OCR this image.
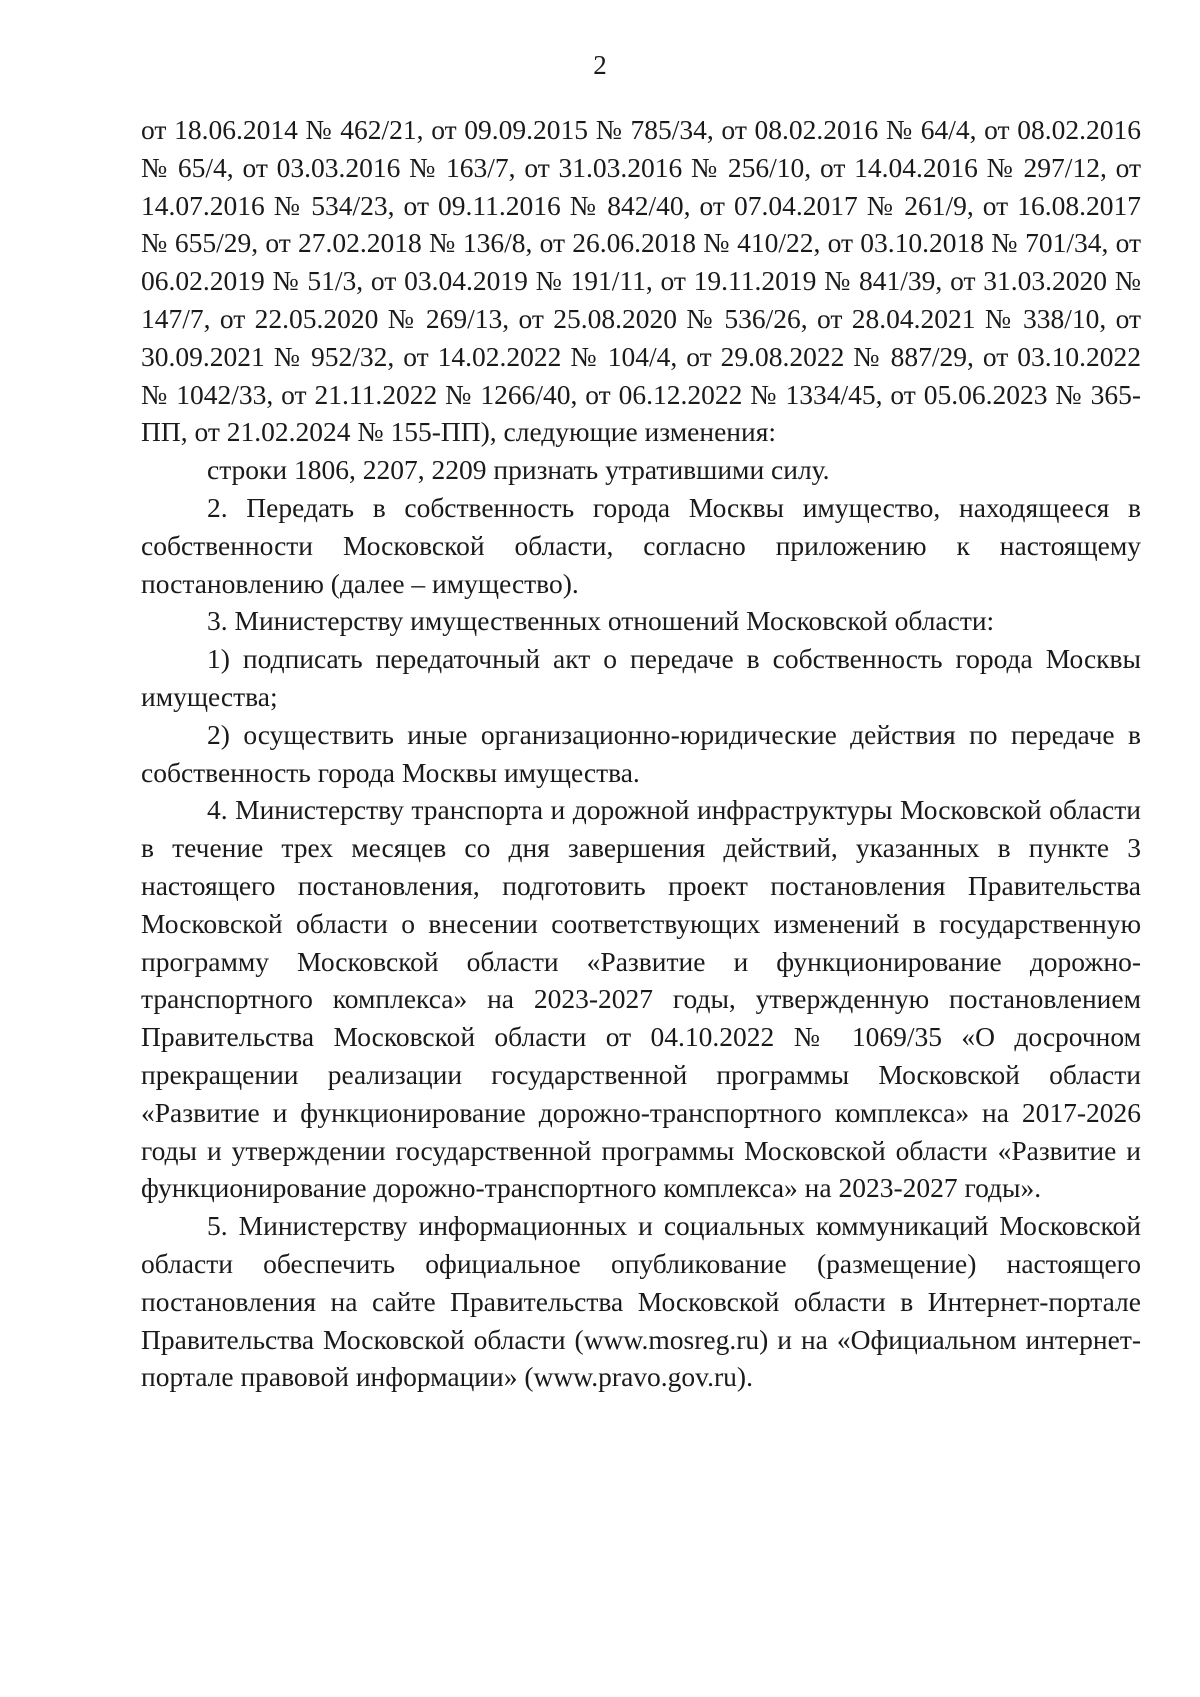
2

от 18.06.2014 № 462/21, от 09.09.2015 № 785/34, от 08.02.2016 № 64/4, от 08.02.2016 № 65/4, от 03.03.2016 № 163/7, от 31.03.2016 № 256/10, от 14.04.2016 № 297/12, от 14.07.2016 № 534/23, от 09.11.2016 № 842/40, от 07.04.2017 № 261/9, от 16.08.2017 № 655/29, от 27.02.2018 № 136/8, от 26.06.2018 № 410/22, от 03.10.2018 № 701/34, от 06.02.2019 № 51/3, от 03.04.2019 № 191/11, от 19.11.2019 № 841/39, от 31.03.2020 № 147/7, от 22.05.2020 № 269/13, от 25.08.2020 № 536/26, от 28.04.2021 № 338/10, от 30.09.2021 № 952/32, от 14.02.2022 № 104/4, от 29.08.2022 № 887/29, от 03.10.2022 № 1042/33, от 21.11.2022 № 1266/40, от 06.12.2022 № 1334/45, от 05.06.2023 № 365-ПП, от 21.02.2024 № 155-ПП), следующие изменения:

строки 1806, 2207, 2209 признать утратившими силу.

2. Передать в собственность города Москвы имущество, находящееся в собственности Московской области, согласно приложению к настоящему постановлению (далее – имущество).

3. Министерству имущественных отношений Московской области:

1) подписать передаточный акт о передаче в собственность города Москвы имущества;

2) осуществить иные организационно-юридические действия по передаче в собственность города Москвы имущества.

4. Министерству транспорта и дорожной инфраструктуры Московской области в течение трех месяцев со дня завершения действий, указанных в пункте 3 настоящего постановления, подготовить проект постановления Правительства Московской области о внесении соответствующих изменений в государственную программу Московской области «Развитие и функционирование дорожно-транспортного комплекса» на 2023-2027 годы, утвержденную постановлением Правительства Московской области от 04.10.2022 № 1069/35 «О досрочном прекращении реализации государственной программы Московской области «Развитие и функционирование дорожно-транспортного комплекса» на 2017-2026 годы и утверждении государственной программы Московской области «Развитие и функционирование дорожно-транспортного комплекса» на 2023-2027 годы».

5. Министерству информационных и социальных коммуникаций Московской области обеспечить официальное опубликование (размещение) настоящего постановления на сайте Правительства Московской области в Интернет-портале Правительства Московской области (www.mosreg.ru) и на «Официальном интернет-портале правовой информации» (www.pravo.gov.ru).
